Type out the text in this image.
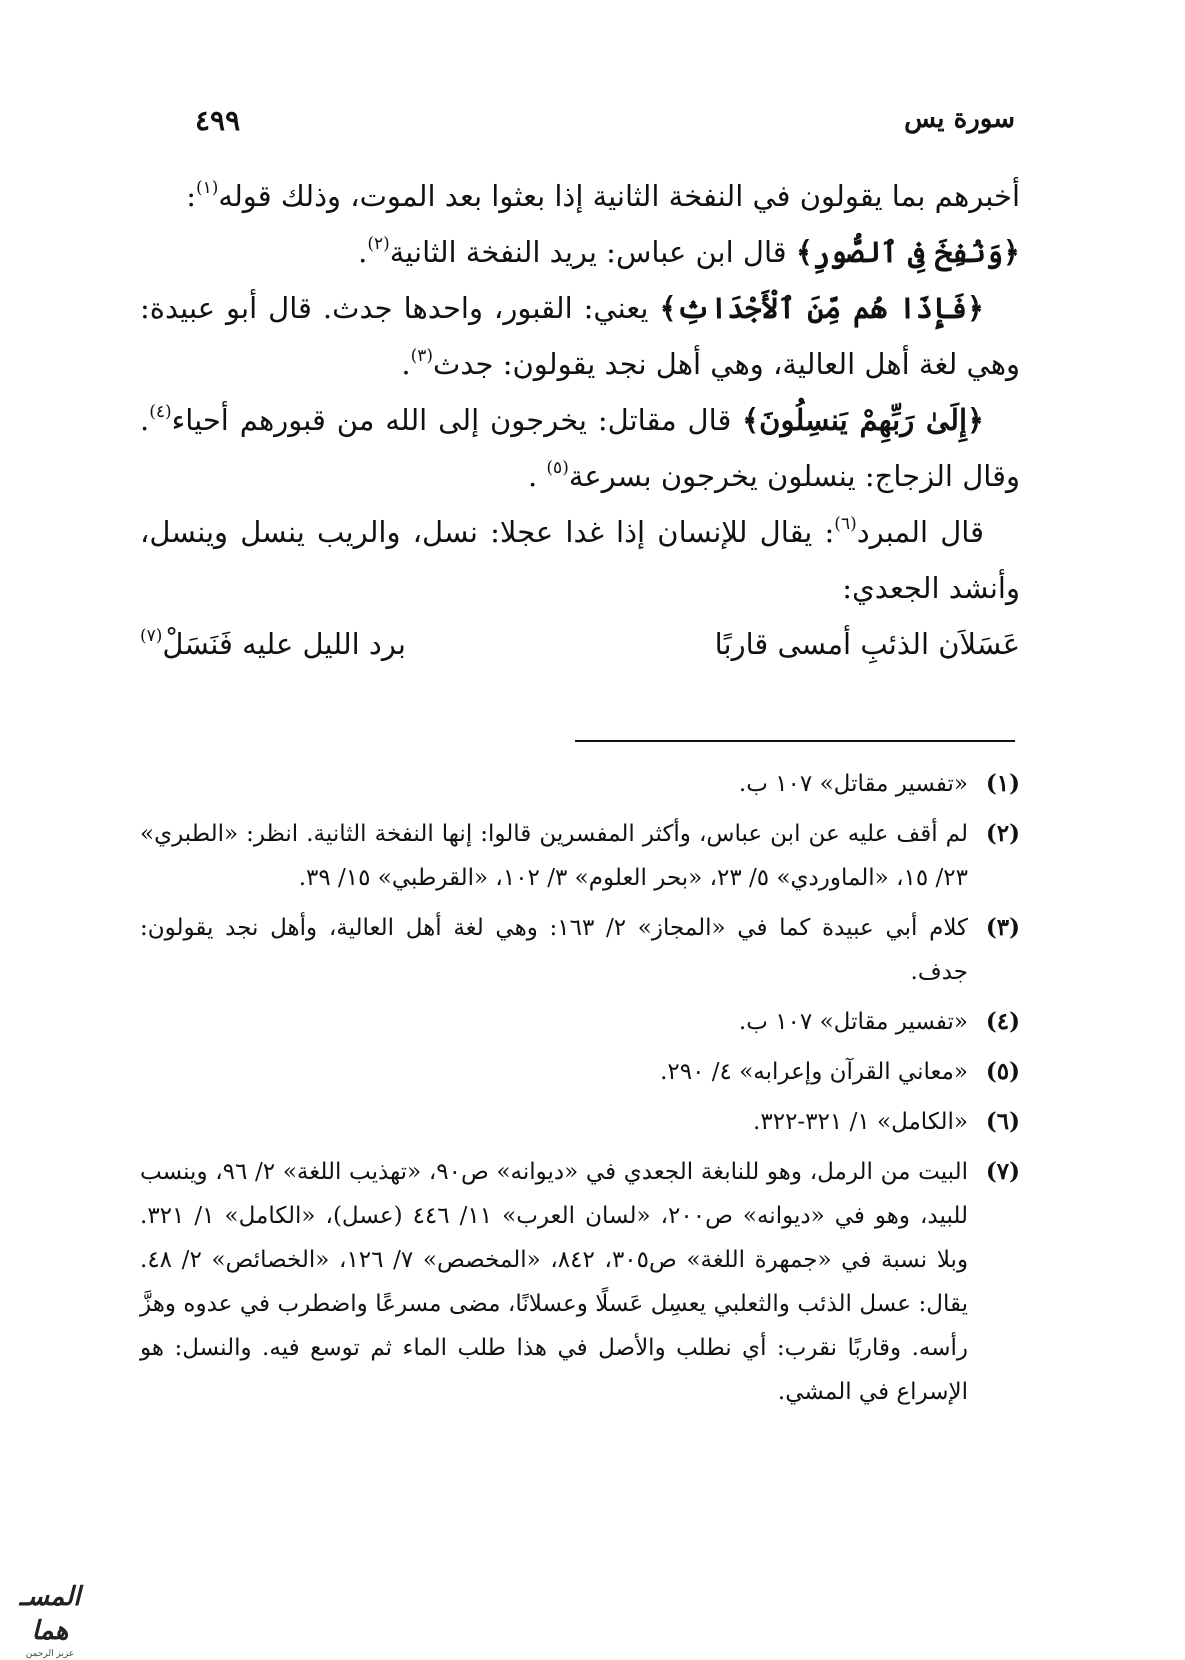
سورة يس
٤٩٩

أخبرهم بما يقولون في النفخة الثانية إذا بعثوا بعد الموت، وذلك قوله$^{(١)}$:

﴿وَنُفِخَ فِى ٱلصُّورِ﴾ قال ابن عباس: يريد النفخة الثانية$^{(٢)}$.

﴿فَإِذَا هُم مِّنَ ٱلْأَجْدَاثِ﴾ يعني: القبور، واحدها جدث. قال أبو عبيدة: وهي لغة أهل العالية، وهي أهل نجد يقولون: جدث$^{(٣)}$.

﴿إِلَىٰ رَبِّهِمْ يَنسِلُونَ﴾ قال مقاتل: يخرجون إلى الله من قبورهم أحياء$^{(٤)}$. وقال الزجاج: ينسلون يخرجون بسرعة$^{(٥)}$ .

قال المبرد$^{(٦)}$: يقال للإنسان إذا غدا عجلا: نسل، والريب ينسل وينسل، وأنشد الجعدي:

عَسَلاَن الذئبِ أمسى قاربًا
برد الليل عليه فَنَسَلْ$^{(٧)}$
(١)
«تفسير مقاتل» ١٠٧ ب.
(٢)
لم أقف عليه عن ابن عباس، وأكثر المفسرين قالوا: إنها النفخة الثانية. انظر: «الطبري» ٢٣/ ١٥، «الماوردي» ٥/ ٢٣، «بحر العلوم» ٣/ ١٠٢، «القرطبي» ١٥/ ٣٩.
(٣)
كلام أبي عبيدة كما في «المجاز» ٢/ ١٦٣: وهي لغة أهل العالية، وأهل نجد يقولون: جدف.
(٤)
«تفسير مقاتل» ١٠٧ ب.
(٥)
«معاني القرآن وإعرابه» ٤/ ٢٩٠.
(٦)
«الكامل» ١/ ٣٢١-٣٢٢.
(٧)
البيت من الرمل، وهو للنابغة الجعدي في «ديوانه» ص٩٠، «تهذيب اللغة» ٢/ ٩٦، وينسب للبيد، وهو في «ديوانه» ص٢٠٠، «لسان العرب» ١١/ ٤٤٦ (عسل)، «الكامل» ١/ ٣٢١. وبلا نسبة في «جمهرة اللغة» ص٣٠٥، ٨٤٢، «المخصص» ٧/ ١٢٦، «الخصائص» ٢/ ٤٨. يقال: عسل الذئب والثعلبي يعسِل عَسلًا وعسلانًا، مضى مسرعًا واضطرب في عدوه وهزَّ رأسه. وقاربًا نقرب: أي نطلب والأصل في هذا طلب الماء ثم توسع فيه. والنسل: هو الإسراع في المشي.
المسـ هما
عزيز الرحمن
